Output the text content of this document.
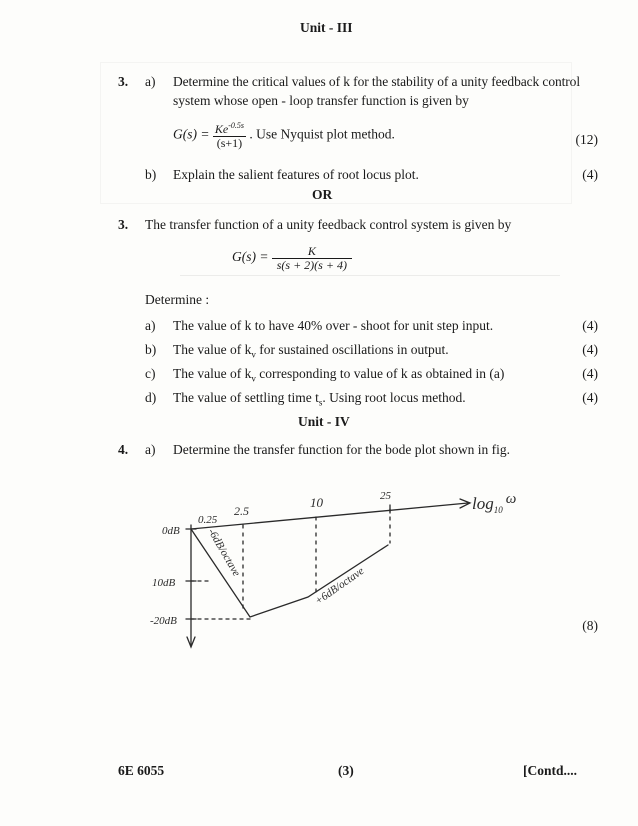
Unit - III
3. a) Determine the critical values of k for the stability of a unity feedback control
system whose open - loop transfer function is given by
$G(s) = \frac{Ke^{-0.5s}}{(s+1)}$ . Use Nyquist plot method.	(12)
b) Explain the salient features of root locus plot.	(4)
OR
3. The transfer function of a unity feedback control system is given by
$G(s) = \frac{K}{s(s + 2)(s + 4)}$
Determine :
a) The value of k to have 40% over - shoot for unit step input.	(4)
b) The value of $k_v$ for sustained oscillations in output.	(4)
c) The value of $k_v$ corresponding to value of k as obtained in (a)	(4)
d) The value of settling time $t_s$. Using root locus method.	(4)
Unit - IV
4. a) Determine the transfer function for the bode plot shown in fig.
(8)
$\log_{10}\omega$
0.25
2.5
10	25
0dB
10dB
-20dB
-6dB/octave
+6dB/octave
6E 6055	(3)	[Contd....
